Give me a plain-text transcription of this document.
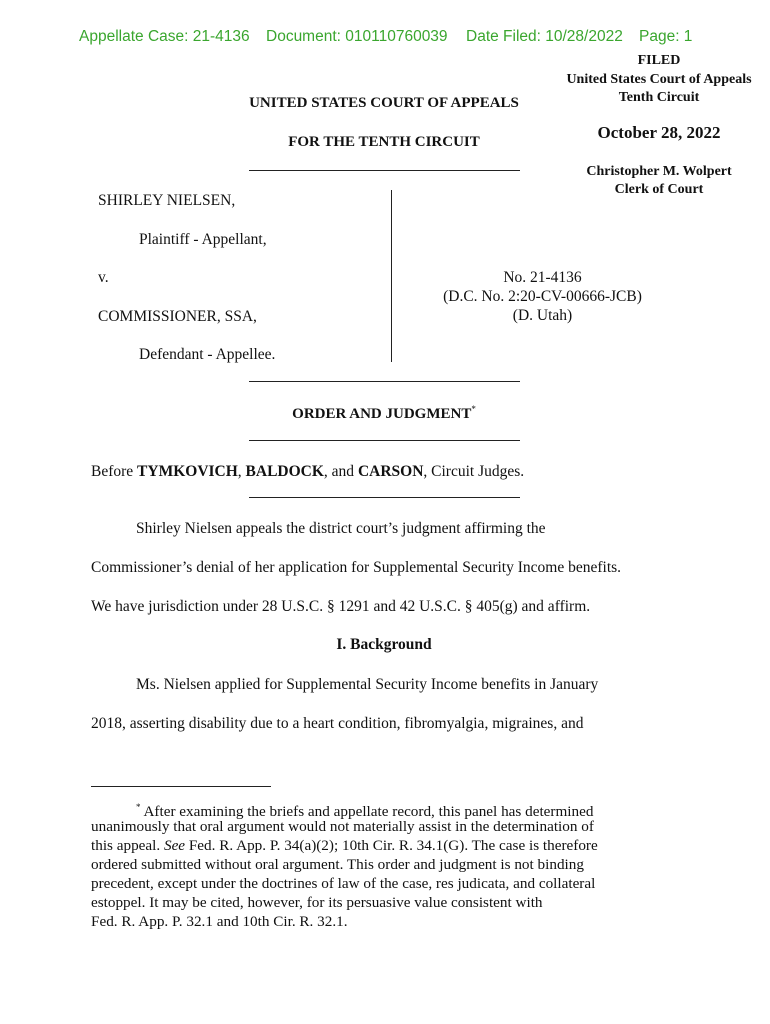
Appellate Case: 21-4136 Document: 010110760039 Date Filed: 10/28/2022 Page: 1
FILED
United States Court of Appeals
Tenth Circuit
October 28, 2022
Christopher M. Wolpert
Clerk of Court
UNITED STATES COURT OF APPEALS
FOR THE TENTH CIRCUIT
SHIRLEY NIELSEN,
Plaintiff - Appellant,
v.
COMMISSIONER, SSA,
Defendant - Appellee.
No. 21-4136
(D.C. No. 2:20-CV-00666-JCB)
(D. Utah)
ORDER AND JUDGMENT*
Before TYMKOVICH, BALDOCK, and CARSON, Circuit Judges.
Shirley Nielsen appeals the district court’s judgment affirming the
Commissioner’s denial of her application for Supplemental Security Income benefits.
We have jurisdiction under 28 U.S.C. § 1291 and 42 U.S.C. § 405(g) and affirm.
I. Background
Ms. Nielsen applied for Supplemental Security Income benefits in January
2018, asserting disability due to a heart condition, fibromyalgia, migraines, and
* After examining the briefs and appellate record, this panel has determined
unanimously that oral argument would not materially assist in the determination of
this appeal. See Fed. R. App. P. 34(a)(2); 10th Cir. R. 34.1(G). The case is therefore
ordered submitted without oral argument. This order and judgment is not binding
precedent, except under the doctrines of law of the case, res judicata, and collateral
estoppel. It may be cited, however, for its persuasive value consistent with
Fed. R. App. P. 32.1 and 10th Cir. R. 32.1.
